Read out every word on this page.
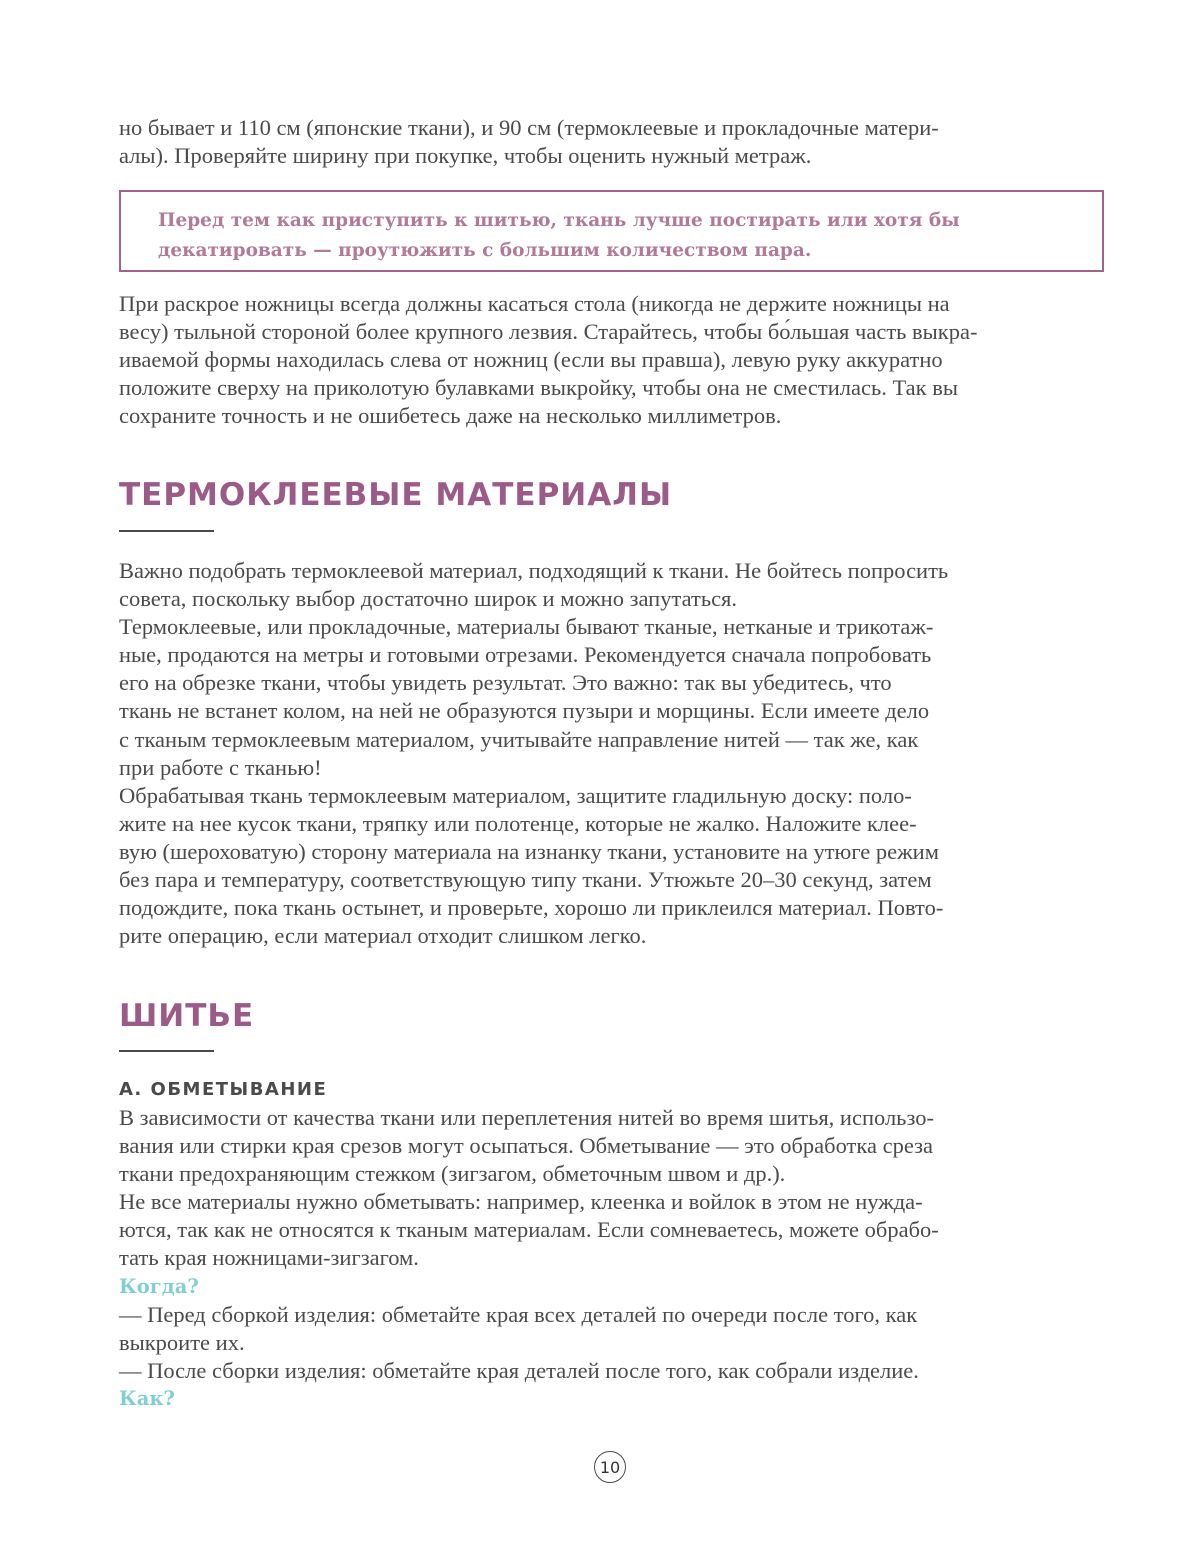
но бывает и 110 см (японские ткани), и 90 см (термоклеевые и прокладочные матери-
алы). Проверяйте ширину при покупке, чтобы оценить нужный метраж.

Перед тем как приступить к шитью, ткань лучше постирать или хотя бы
декатировать — проутюжить с большим количеством пара.

При раскрое ножницы всегда должны касаться стола (никогда не держите ножницы на
весу) тыльной стороной более крупного лезвия. Старайтесь, чтобы бо́льшая часть выкра-
иваемой формы находилась слева от ножниц (если вы правша), левую руку аккуратно
положите сверху на приколотую булавками выкройку, чтобы она не сместилась. Так вы
сохраните точность и не ошибетесь даже на несколько миллиметров.

ТЕРМОКЛЕЕВЫЕ МАТЕРИАЛЫ

Важно подобрать термоклеевой материал, подходящий к ткани. Не бойтесь попросить
совета, поскольку выбор достаточно широк и можно запутаться.
Термоклеевые, или прокладочные, материалы бывают тканые, нетканые и трикотаж-
ные, продаются на метры и готовыми отрезами. Рекомендуется сначала попробовать
его на обрезке ткани, чтобы увидеть результат. Это важно: так вы убедитесь, что
ткань не встанет колом, на ней не образуются пузыри и морщины. Если имеете дело
с тканым термоклеевым материалом, учитывайте направление нитей — так же, как
при работе с тканью!
Обрабатывая ткань термоклеевым материалом, защитите гладильную доску: поло-
жите на нее кусок ткани, тряпку или полотенце, которые не жалко. Наложите клее-
вую (шероховатую) сторону материала на изнанку ткани, установите на утюге режим
без пара и температуру, соответствующую типу ткани. Утюжьте 20–30 секунд, затем
подождите, пока ткань остынет, и проверьте, хорошо ли приклеился материал. Повто-
рите операцию, если материал отходит слишком легко.

ШИТЬЕ
А. ОБМЕТЫВАНИЕ

В зависимости от качества ткани или переплетения нитей во время шитья, использо-
вания или стирки края срезов могут осыпаться. Обметывание — это обработка среза
ткани предохраняющим стежком (зигзагом, обметочным швом и др.).
Не все материалы нужно обметывать: например, клеенка и войлок в этом не нужда-
ются, так как не относятся к тканым материалам. Если сомневаетесь, можете обрабо-
тать края ножницами-зигзагом.
Когда?
— Перед сборкой изделия: обметайте края всех деталей по очереди после того, как
выкроите их.
— После сборки изделия: обметайте края деталей после того, как собрали изделие.
Как?

10
